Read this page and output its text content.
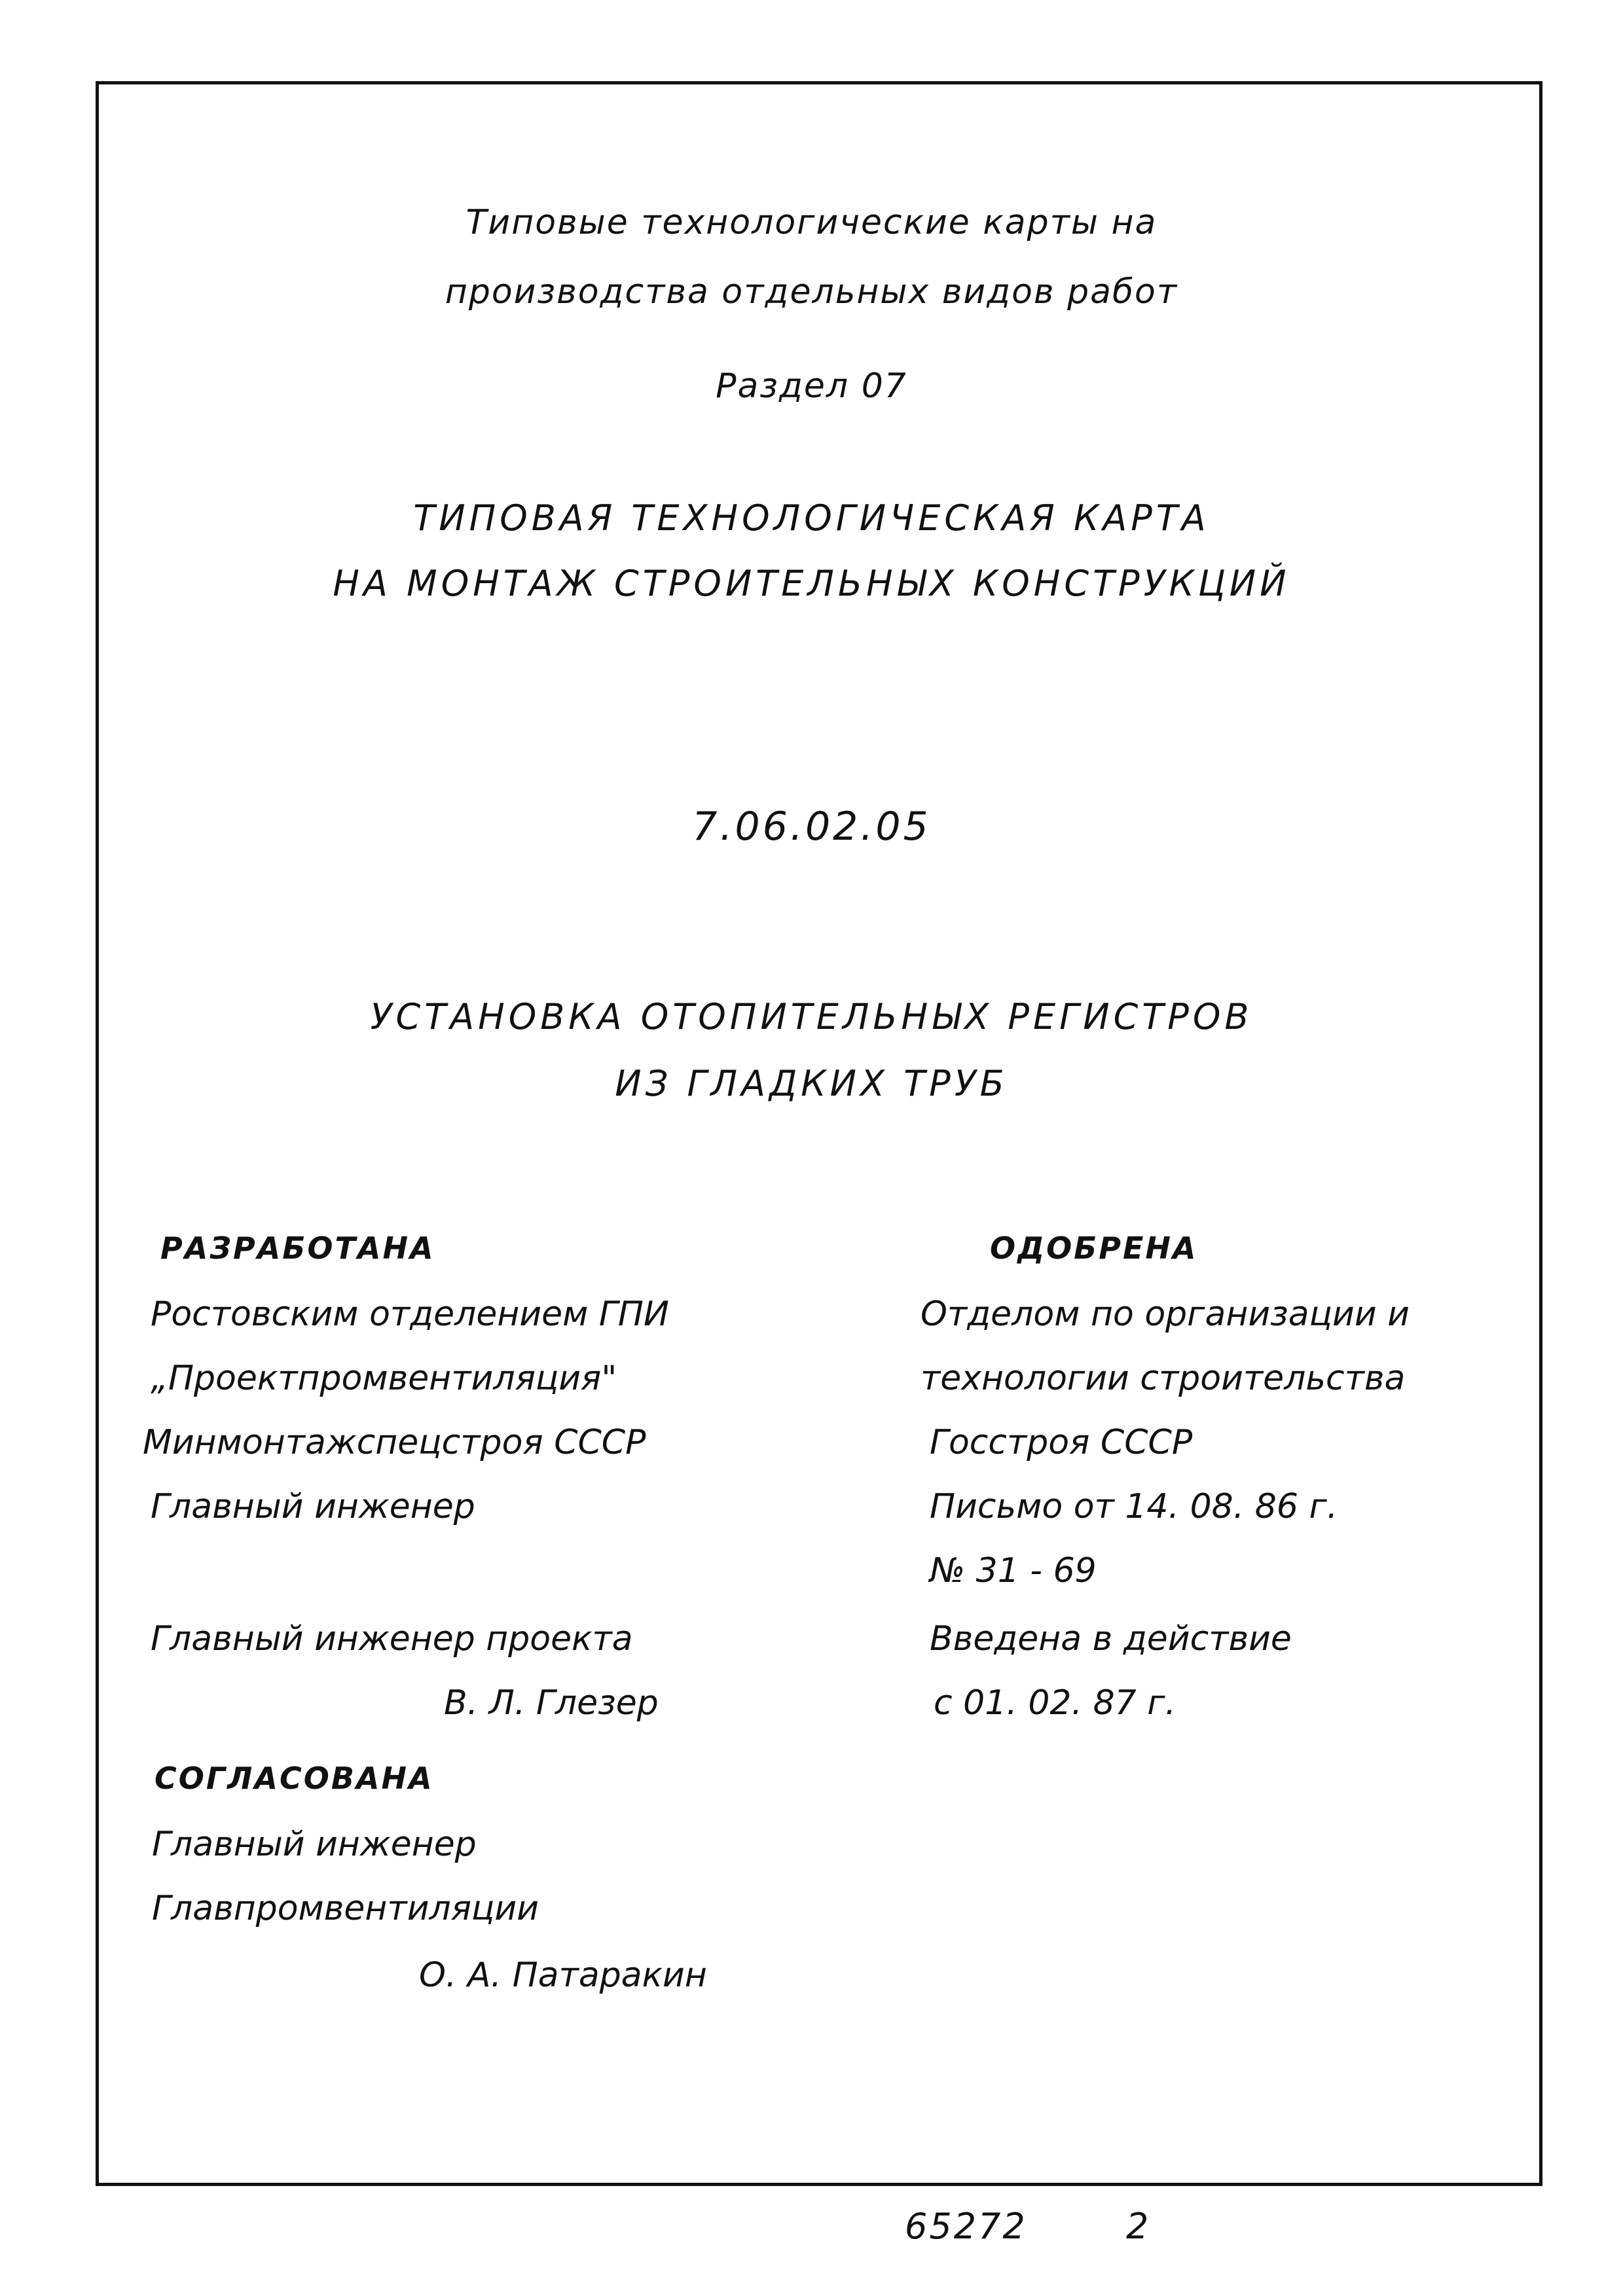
Типовые технологические карты на
производства отдельных видов работ
Раздел 07
ТИПОВАЯ ТЕХНОЛОГИЧЕСКАЯ КАРТА
НА МОНТАЖ СТРОИТЕЛЬНЫХ КОНСТРУКЦИЙ
7.06.02.05
УСТАНОВКА ОТОПИТЕЛЬНЫХ РЕГИСТРОВ
ИЗ ГЛАДКИХ ТРУБ
РАЗРАБОТАНА
Ростовским отделением ГПИ
„Проектпромвентиляция"
Минмонтажспецстроя СССР
Главный инженер
Главный инженер проекта
В. Л. Глезер
СОГЛАСОВАНА
Главный инженер
Главпромвентиляции
О. А. Патаракин
ОДОБРЕНА
Отделом по организации и
технологии строительства
Госстроя СССР
Письмо от 14. 08. 86 г.
№ 31 - 69
Введена в действие
с 01. 02. 87 г.
65272	2
